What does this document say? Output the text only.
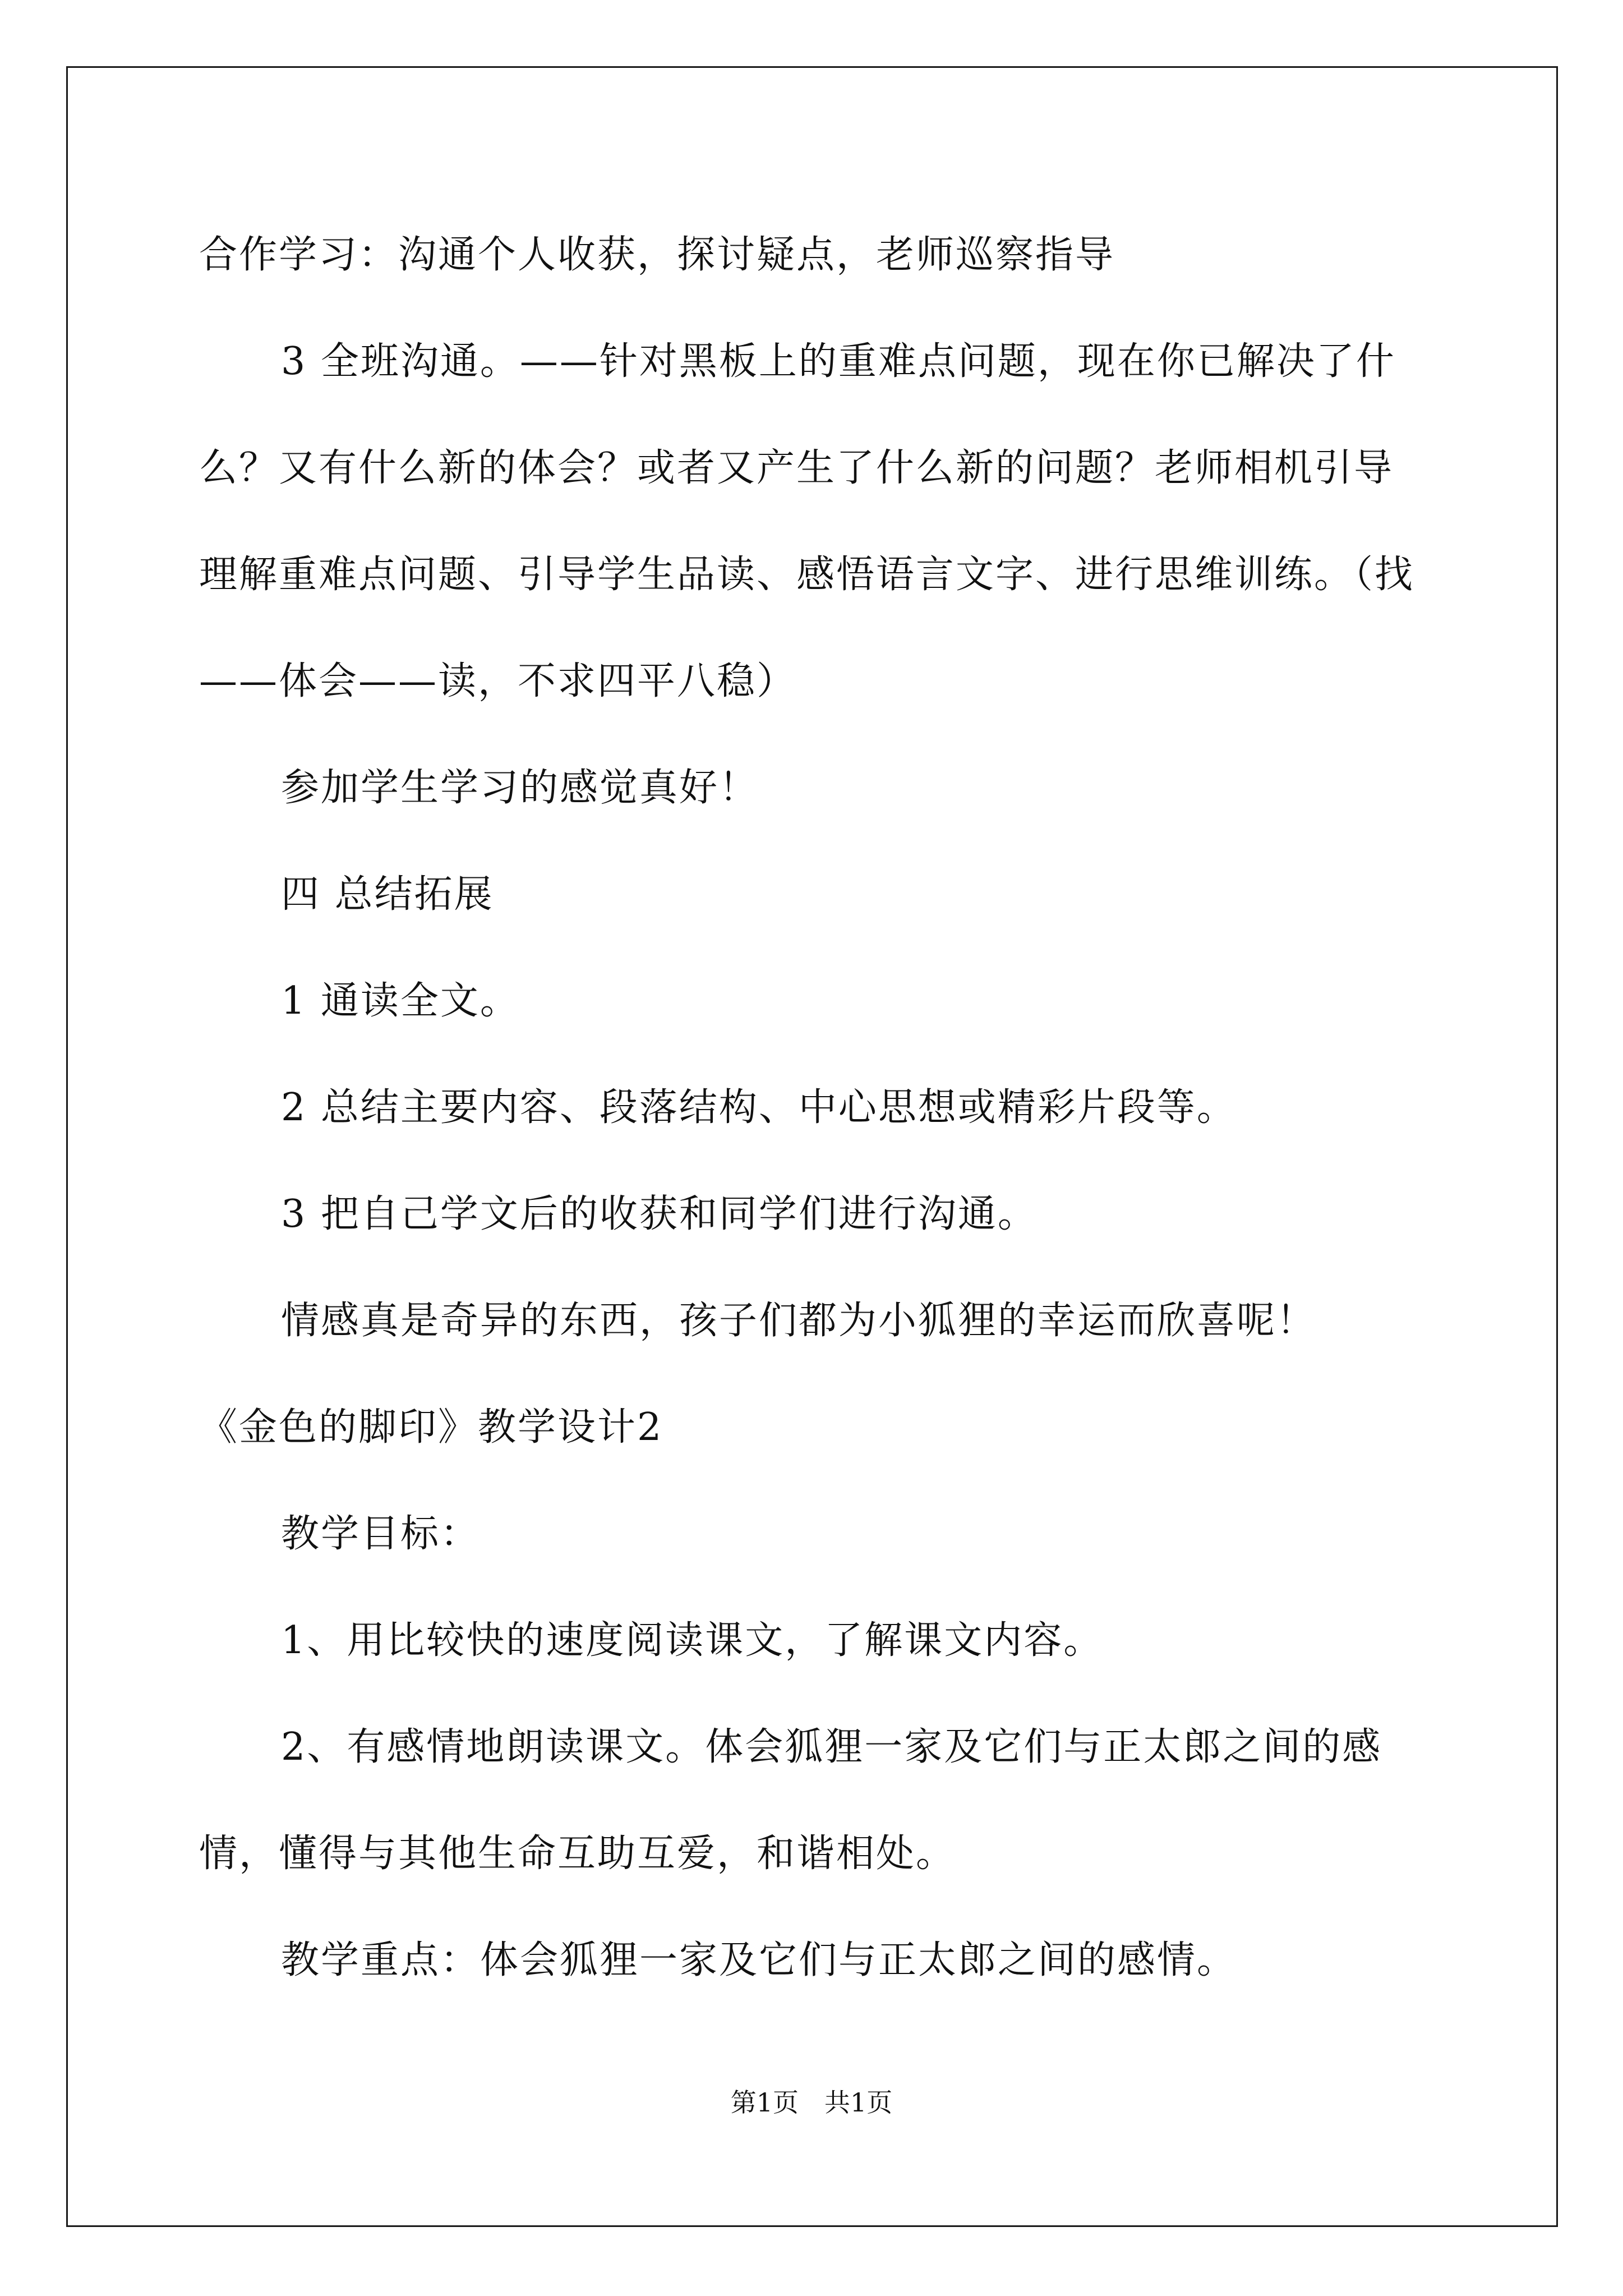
合作学习：沟通个人收获，探讨疑点，老师巡察指导

3 全班沟通。——针对黑板上的重难点问题，现在你已解决了什么？又有什么新的体会？或者又产生了什么新的问题？老师相机引导理解重难点问题、引导学生品读、感悟语言文字、进行思维训练。（找——体会——读，不求四平八稳）

参加学生学习的感觉真好！

四 总结拓展

1 通读全文。

2 总结主要内容、段落结构、中心思想或精彩片段等。

3 把自己学文后的收获和同学们进行沟通。

情感真是奇异的东西，孩子们都为小狐狸的幸运而欣喜呢！

《金色的脚印》教学设计2

教学目标：

1、用比较快的速度阅读课文，了解课文内容。

2、有感情地朗读课文。体会狐狸一家及它们与正太郎之间的感情，懂得与其他生命互助互爱，和谐相处。

教学重点：体会狐狸一家及它们与正太郎之间的感情。

第1页　共1页
